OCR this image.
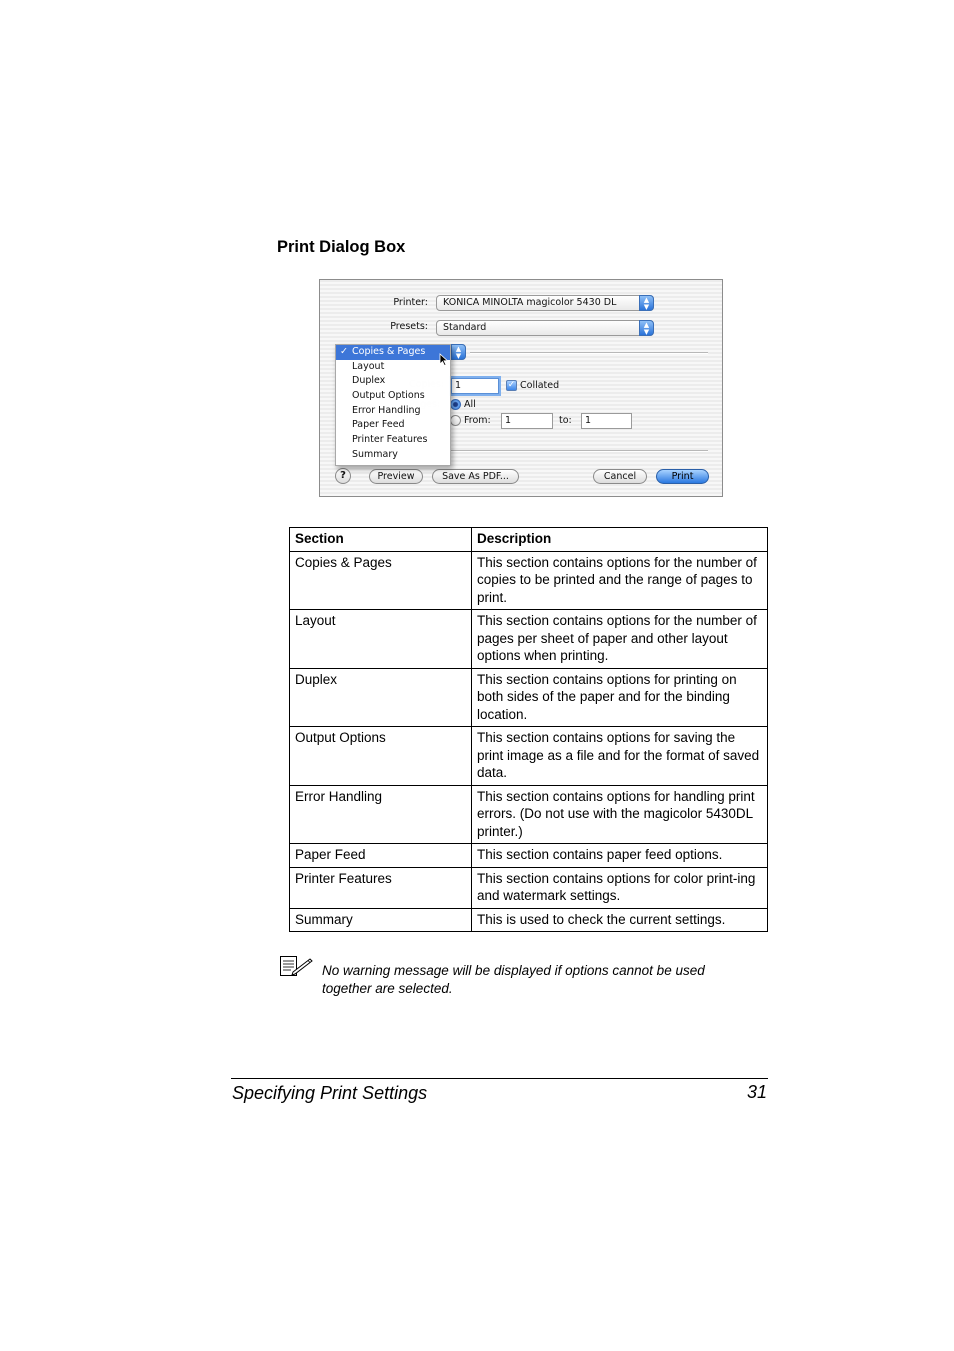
Print Dialog Box
Printer:	KONICA MINOLTA magicolor 5430 DL	▲
▼
Presets:	Standard	▲
▼
▲
▼
1	✓ Collated
All
From:	1	to:	1
?	Preview	Save As PDF...	Cancel	Print
✓ Copies & Pages
Layout
Duplex
Output Options
Error Handling
Paper Feed
Printer Features
Summary
Section	Description
Copies & Pages	This section contains options for the number of copies to be printed and the range of pages to print.
Layout	This section contains options for the number of pages per sheet of paper and other layout options when printing.
Duplex	This section contains options for printing on both sides of the paper and for the binding location.
Output Options	This section contains options for saving the print image as a file and for the format of saved data.
Error Handling	This section contains options for handling print errors. (Do not use with the magicolor 5430DL printer.)
Paper Feed	This section contains paper feed options.
Printer Features	This section contains options for color print-ing and watermark settings.
Summary	This is used to check the current settings.
No warning message will be displayed if options cannot be used together are selected.
Specifying Print Settings	31
